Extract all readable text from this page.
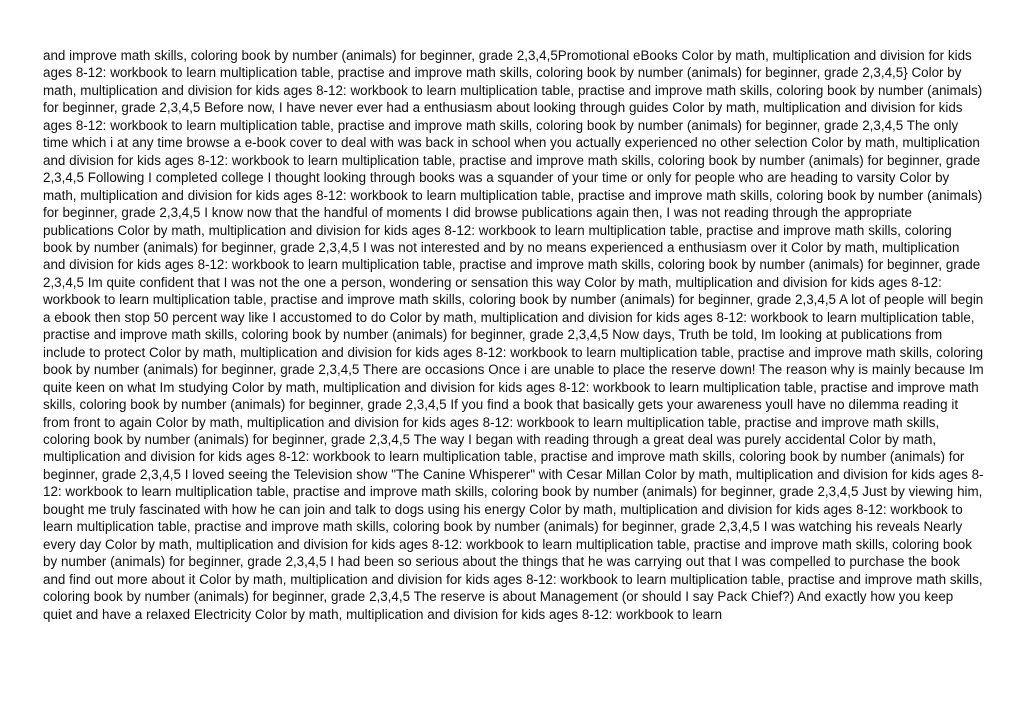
and improve math skills, coloring book by number (animals) for beginner, grade 2,3,4,5Promotional eBooks Color by math, multiplication and division for kids ages 8-12: workbook to learn multiplication table, practise and improve math skills, coloring book by number (animals) for beginner, grade 2,3,4,5} Color by math, multiplication and division for kids ages 8-12: workbook to learn multiplication table, practise and improve math skills, coloring book by number (animals) for beginner, grade 2,3,4,5 Before now, I have never ever had a enthusiasm about looking through guides Color by math, multiplication and division for kids ages 8-12: workbook to learn multiplication table, practise and improve math skills, coloring book by number (animals) for beginner, grade 2,3,4,5 The only time which i at any time browse a e-book cover to deal with was back in school when you actually experienced no other selection Color by math, multiplication and division for kids ages 8-12: workbook to learn multiplication table, practise and improve math skills, coloring book by number (animals) for beginner, grade 2,3,4,5 Following I completed college I thought looking through books was a squander of your time or only for people who are heading to varsity Color by math, multiplication and division for kids ages 8-12: workbook to learn multiplication table, practise and improve math skills, coloring book by number (animals) for beginner, grade 2,3,4,5 I know now that the handful of moments I did browse publications again then, I was not reading through the appropriate publications Color by math, multiplication and division for kids ages 8-12: workbook to learn multiplication table, practise and improve math skills, coloring book by number (animals) for beginner, grade 2,3,4,5 I was not interested and by no means experienced a enthusiasm over it Color by math, multiplication and division for kids ages 8-12: workbook to learn multiplication table, practise and improve math skills, coloring book by number (animals) for beginner, grade 2,3,4,5 Im quite confident that I was not the one a person, wondering or sensation this way Color by math, multiplication and division for kids ages 8-12: workbook to learn multiplication table, practise and improve math skills, coloring book by number (animals) for beginner, grade 2,3,4,5 A lot of people will begin a ebook then stop 50 percent way like I accustomed to do Color by math, multiplication and division for kids ages 8-12: workbook to learn multiplication table, practise and improve math skills, coloring book by number (animals) for beginner, grade 2,3,4,5 Now days, Truth be told, Im looking at publications from include to protect Color by math, multiplication and division for kids ages 8-12: workbook to learn multiplication table, practise and improve math skills, coloring book by number (animals) for beginner, grade 2,3,4,5 There are occasions Once i are unable to place the reserve down! The reason why is mainly because Im quite keen on what Im studying Color by math, multiplication and division for kids ages 8-12: workbook to learn multiplication table, practise and improve math skills, coloring book by number (animals) for beginner, grade 2,3,4,5 If you find a book that basically gets your awareness youll have no dilemma reading it from front to again Color by math, multiplication and division for kids ages 8-12: workbook to learn multiplication table, practise and improve math skills, coloring book by number (animals) for beginner, grade 2,3,4,5 The way I began with reading through a great deal was purely accidental Color by math, multiplication and division for kids ages 8-12: workbook to learn multiplication table, practise and improve math skills, coloring book by number (animals) for beginner, grade 2,3,4,5 I loved seeing the Television show "The Canine Whisperer" with Cesar Millan Color by math, multiplication and division for kids ages 8-12: workbook to learn multiplication table, practise and improve math skills, coloring book by number (animals) for beginner, grade 2,3,4,5 Just by viewing him, bought me truly fascinated with how he can join and talk to dogs using his energy Color by math, multiplication and division for kids ages 8-12: workbook to learn multiplication table, practise and improve math skills, coloring book by number (animals) for beginner, grade 2,3,4,5 I was watching his reveals Nearly every day Color by math, multiplication and division for kids ages 8-12: workbook to learn multiplication table, practise and improve math skills, coloring book by number (animals) for beginner, grade 2,3,4,5 I had been so serious about the things that he was carrying out that I was compelled to purchase the book and find out more about it Color by math, multiplication and division for kids ages 8-12: workbook to learn multiplication table, practise and improve math skills, coloring book by number (animals) for beginner, grade 2,3,4,5 The reserve is about Management (or should I say Pack Chief?) And exactly how you keep quiet and have a relaxed Electricity Color by math, multiplication and division for kids ages 8-12: workbook to learn
